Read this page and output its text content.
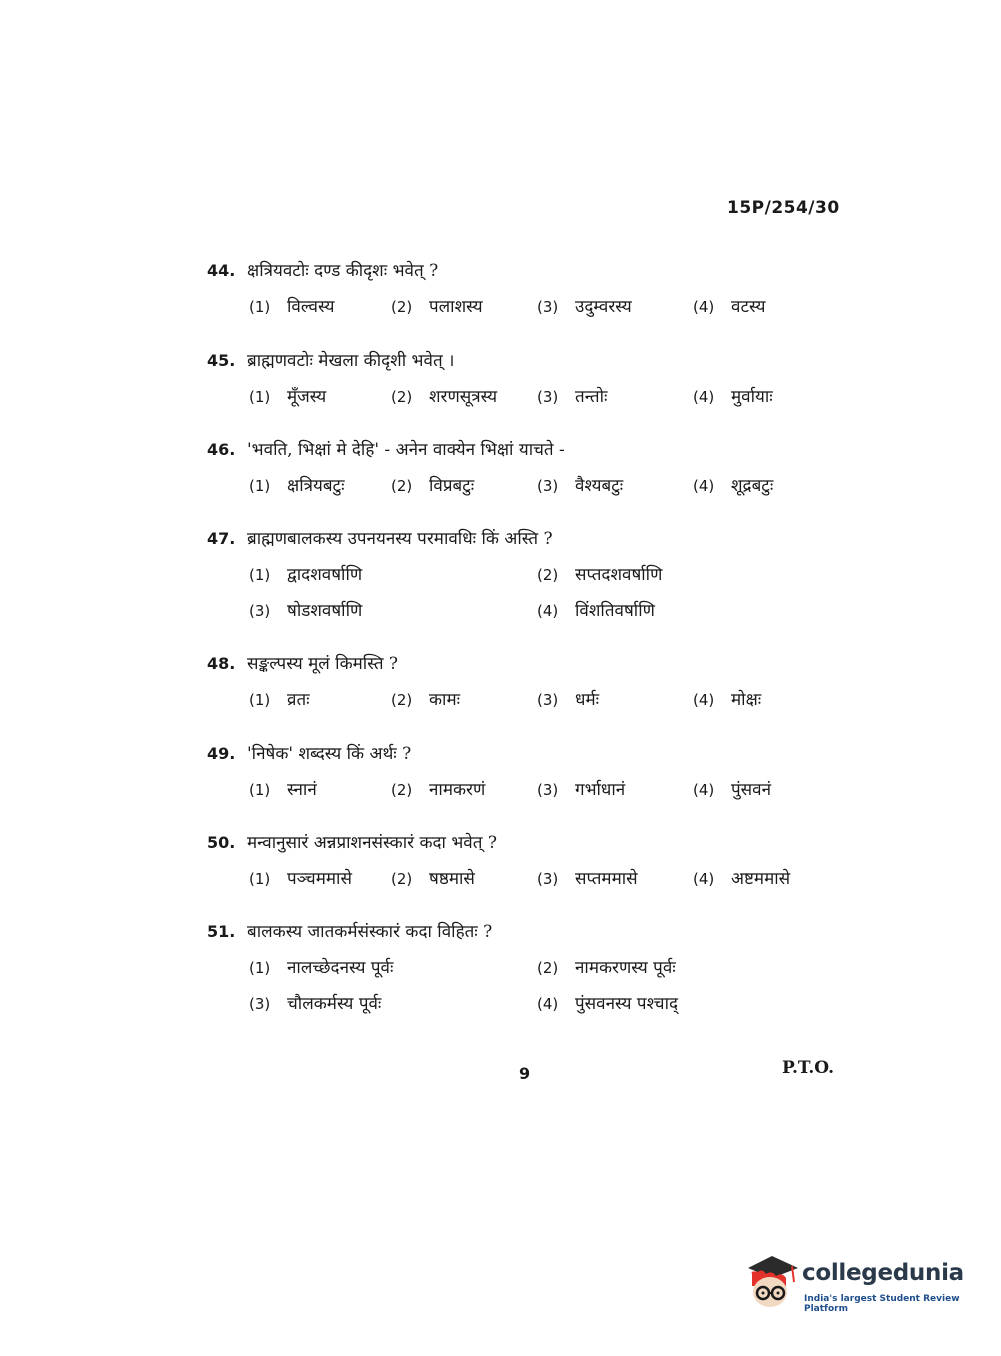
15P/254/30
44. क्षत्रियवटोः दण्ड कीदृशः भवेत् ?
(1) विल्वस्य	(2) पलाशस्य	(3) उदुम्वरस्य	(4) वटस्य
45. ब्राह्मणवटोः मेखला कीदृशी भवेत् ।
(1) मूँजस्य	(2) शरणसूत्रस्य	(3) तन्तोः	(4) मुर्वायाः
46. 'भवति, भिक्षां मे देहि' - अनेन वाक्येन भिक्षां याचते -
(1) क्षत्रियबटुः	(2) विप्रबटुः	(3) वैश्यबटुः	(4) शूद्रबटुः
47. ब्राह्मणबालकस्य उपनयनस्य परमावधिः किं अस्ति ?
(1) द्वादशवर्षाणि	(2) सप्तदशवर्षाणि
(3) षोडशवर्षाणि	(4) विंशतिवर्षाणि
48. सङ्कल्पस्य मूलं किमस्ति ?
(1) व्रतः	(2) कामः	(3) धर्मः	(4) मोक्षः
49. 'निषेक' शब्दस्य किं अर्थः ?
(1) स्नानं	(2) नामकरणं	(3) गर्भाधानं	(4) पुंसवनं
50. मन्वानुसारं अन्नप्राशनसंस्कारं कदा भवेत् ?
(1) पञ्चममासे	(2) षष्ठमासे	(3) सप्तममासे	(4) अष्टममासे
51. बालकस्य जातकर्मसंस्कारं कदा विहितः ?
(1) नालच्छेदनस्य पूर्वः	(2) नामकरणस्य पूर्वः
(3) चौलकर्मस्य पूर्वः	(4) पुंसवनस्य पश्चाद्
9	P.T.O.
collegedunia
India's largest Student Review Platform
